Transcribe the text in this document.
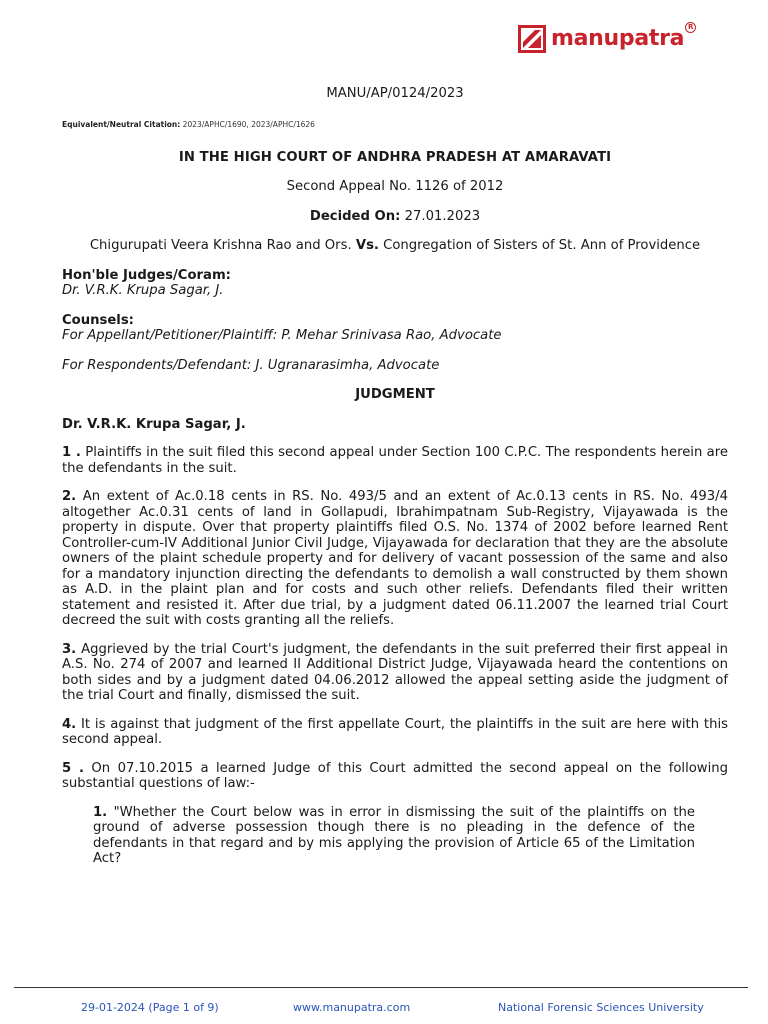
manupatra R
MANU/AP/0124/2023
Equivalent/Neutral Citation: 2023/APHC/1690, 2023/APHC/1626
IN THE HIGH COURT OF ANDHRA PRADESH AT AMARAVATI
Second Appeal No. 1126 of 2012
Decided On: 27.01.2023
Chigurupati Veera Krishna Rao and Ors. Vs. Congregation of Sisters of St. Ann of Providence
Hon'ble Judges/Coram:
Dr. V.R.K. Krupa Sagar, J.
Counsels:
For Appellant/Petitioner/Plaintiff: P. Mehar Srinivasa Rao, Advocate
For Respondents/Defendant: J. Ugranarasimha, Advocate
JUDGMENT
Dr. V.R.K. Krupa Sagar, J.

1 . Plaintiffs in the suit filed this second appeal under Section 100 C.P.C. The respondents herein are the defendants in the suit.

2. An extent of Ac.0.18 cents in RS. No. 493/5 and an extent of Ac.0.13 cents in RS. No. 493/4 altogether Ac.0.31 cents of land in Gollapudi, Ibrahimpatnam Sub-Registry, Vijayawada is the property in dispute. Over that property plaintiffs filed O.S. No. 1374 of 2002 before learned Rent Controller-cum-IV Additional Junior Civil Judge, Vijayawada for declaration that they are the absolute owners of the plaint schedule property and for delivery of vacant possession of the same and also for a mandatory injunction directing the defendants to demolish a wall constructed by them shown as A.D. in the plaint plan and for costs and such other reliefs. Defendants filed their written statement and resisted it. After due trial, by a judgment dated 06.11.2007 the learned trial Court decreed the suit with costs granting all the reliefs.

3. Aggrieved by the trial Court's judgment, the defendants in the suit preferred their first appeal in A.S. No. 274 of 2007 and learned II Additional District Judge, Vijayawada heard the contentions on both sides and by a judgment dated 04.06.2012 allowed the appeal setting aside the judgment of the trial Court and finally, dismissed the suit.

4. It is against that judgment of the first appellate Court, the plaintiffs in the suit are here with this second appeal.

5 . On 07.10.2015 a learned Judge of this Court admitted the second appeal on the following substantial questions of law:-

1. "Whether the Court below was in error in dismissing the suit of the plaintiffs on the ground of adverse possession though there is no pleading in the defence of the defendants in that regard and by mis applying the provision of Article 65 of the Limitation Act?
29-01-2024 (Page 1 of 9)	www.manupatra.com	National Forensic Sciences University
